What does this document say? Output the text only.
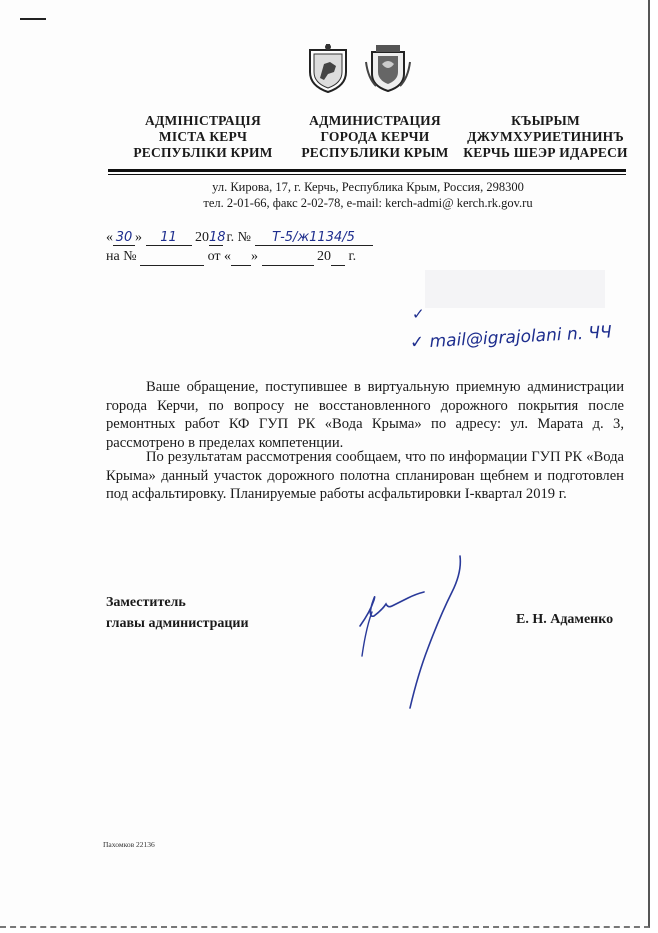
АДМІНІСТРАЦІЯ
МІСТА КЕРЧ
РЕСПУБЛІКИ КРИМ
АДМИНИСТРАЦИЯ
ГОРОДА КЕРЧИ
РЕСПУБЛИКИ КРЫМ
КЪЫРЫМ
ДЖУМХУРИЕТИНИНЪ
КЕРЧЬ ШЕЭР ИДАРЕСИ
ул. Кирова, 17, г. Керчь, Республика Крым, Россия, 298300
тел. 2-01-66, факс 2-02-78, e-mail: kerch-admi@ kerch.rk.gov.ru
« 30 » 11 2018 г. № Т-5/ж1134/5
на №	от « »	20 г.
✓
✓ mail@igrajolani n. ЧЧ

Ваше обращение, поступившее в виртуальную приемную администрации города Керчи, по вопросу не восстановленного дорожного покрытия после ремонтных работ КФ ГУП РК «Вода Крыма» по адресу: ул. Марата д. 3, рассмотрено в пределах компетенции.

По результатам рассмотрения сообщаем, что по информации ГУП РК «Вода Крыма» данный участок дорожного полотна спланирован щебнем и подготовлен под асфальтировку. Планируемые работы асфальтировки I-квартал 2019 г.

Заместитель
главы администрации	Е. Н. Адаменко
Пахомков 22136
